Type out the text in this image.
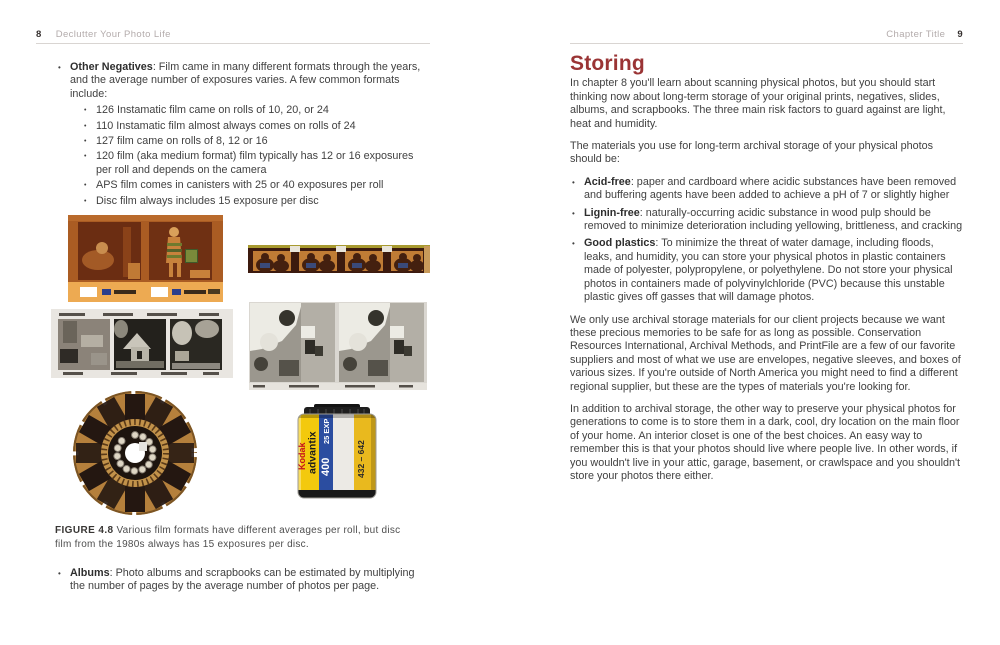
8 Declutter Your Photo Life
• Other Negatives: Film came in many different formats through the years, and the average number of exposures varies. A few common formats include:
• 126 Instamatic film came on rolls of 10, 20, or 24
• 110 Instamatic film almost always comes on rolls of 24
• 127 film came on rolls of 8, 12 or 16
• 120 film (aka medium format) film typically has 12 or 16 exposures per roll and depends on the camera
• APS film comes in canisters with 25 or 40 exposures per roll
• Disc film always includes 15 exposure per disc
Kodak advantix 400
25 EXP
432 – 642

FIGURE 4.8 Various film formats have different averages per roll, but disc film from the 1980s always has 15 exposures per disc.

• Albums: Photo albums and scrapbooks can be estimated by multiplying the number of pages by the average number of photos per page.
Chapter Title 9
Storing

In chapter 8 you'll learn about scanning physical photos, but you should start thinking now about long-term storage of your original prints, negatives, slides, albums, and scrapbooks. The three main risk factors to guard against are light, heat and humidity.

The materials you use for long-term archival storage of your physical photos should be:

• Acid-free: paper and cardboard where acidic substances have been removed and buffering agents have been added to achieve a pH of 7 or slightly higher
• Lignin-free: naturally-occurring acidic substance in wood pulp should be removed to minimize deterioration including yellowing, brittleness, and cracking
• Good plastics: To minimize the threat of water damage, including floods, leaks, and humidity, you can store your physical photos in plastic containers made of polyester, polypropylene, or polyethylene. Do not store your physical photos in containers made of polyvinylchloride (PVC) because this unstable plastic gives off gasses that will damage photos.

We only use archival storage materials for our client projects because we want these precious memories to be safe for as long as possible. Conservation Resources International, Archival Methods, and PrintFile are a few of our favorite suppliers and most of what we use are envelopes, negative sleeves, and boxes of various sizes. If you're outside of North America you might need to find a different regional supplier, but these are the types of materials you're looking for.

In addition to archival storage, the other way to preserve your physical photos for generations to come is to store them in a dark, cool, dry location on the main floor of your home. An interior closet is one of the best choices. An easy way to remember this is that your photos should live where people live. In other words, if you wouldn't live in your attic, garage, basement, or crawlspace and you shouldn't store your photos there either.
